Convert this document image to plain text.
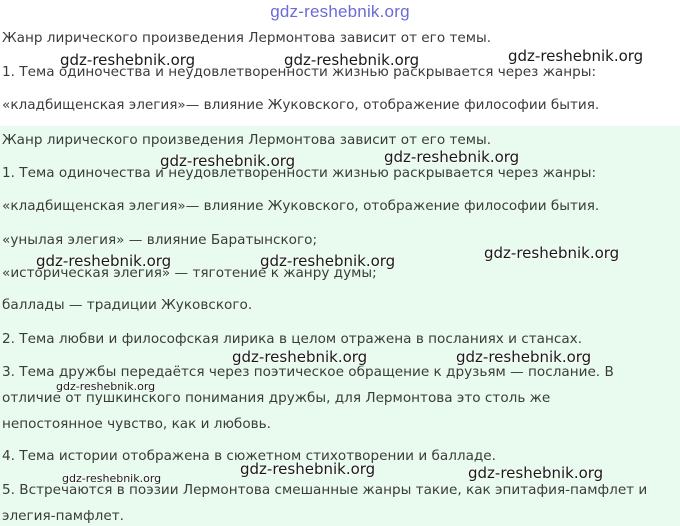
gdz-reshebnik.org

Жанр лирического произведения Лермонтова зависит от его темы.

1. Тема одиночества и неудовлетворенности жизнью раскрывается через жанры:

«кладбищенская элегия»— влияние Жуковского, отображение философии бытия.

Жанр лирического произведения Лермонтова зависит от его темы.

1. Тема одиночества и неудовлетворенности жизнью раскрывается через жанры:

«кладбищенская элегия»— влияние Жуковского, отображение философии бытия.

«унылая элегия» — влияние Баратынского;

«историческая элегия» — тяготение к жанру думы;

баллады — традиции Жуковского.

2. Тема любви и философская лирика в целом отражена в посланиях и стансах.

3. Тема дружбы передаётся через поэтическое обращение к друзьям — послание. В

отличие от пушкинского понимания дружбы, для Лермонтова это столь же

непостоянное чувство, как и любовь.

4. Тема истории отображена в сюжетном стихотворении и балладе.

5. Встречаются в поэзии Лермонтова смешанные жанры такие, как эпитафия-памфлет и

элегия-памфлет.

gdz-reshebnik.org	gdz-reshebnik.org	gdz-reshebnik.org
gdz-reshebnik.org	gdz-reshebnik.org
gdz-reshebnik.org
gdz-reshebnik.org	gdz-reshebnik.org
gdz-reshebnik.org	gdz-reshebnik.org
gdz-reshebnik.org
gdz-reshebnik.org	gdz-reshebnik.org
gdz-reshebnik.org
